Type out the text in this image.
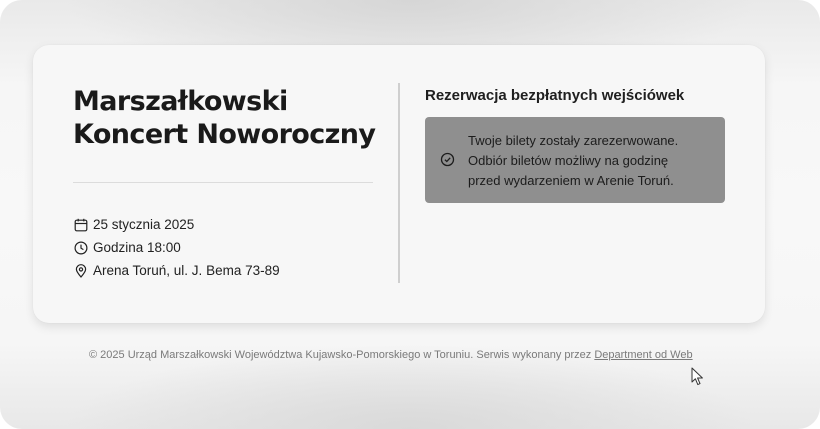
Marszałkowski
Koncert Noworoczny
25 stycznia 2025
Godzina 18:00
Arena Toruń, ul. J. Bema 73-89
Rezerwacja bezpłatnych wejściówek
Twoje bilety zostały zarezerwowane.
Odbiór biletów możliwy na godzinę
przed wydarzeniem w Arenie Toruń.

© 2025 Urząd Marszałkowski Województwa Kujawsko-Pomorskiego w Toruniu. Serwis wykonany przez Department od Web
